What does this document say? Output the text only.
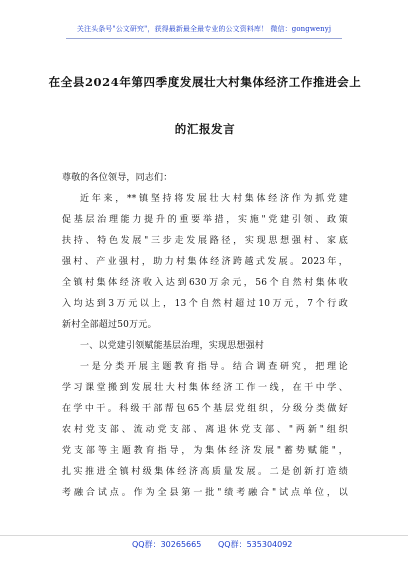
关注头条号"公文研究"，获得最新最全最专业的公文资料库！ 微信：gongwenyj
在全县2024年第四季度发展壮大村集体经济工作推进会上
的汇报发言
尊敬的各位领导，同志们：
近年来，**镇坚持将发展壮大村集体经济作为抓党建
促基层治理能力提升的重要举措，实施"党建引领、政策
扶持、特色发展"三步走发展路径，实现思想强村、家底
强村、产业强村，助力村集体经济跨越式发展。2023年，
全镇村集体经济收入达到630万余元，56个自然村集体收
入均达到3万元以上，13个自然村超过10万元，7个行政
新村全部超过50万元。
一、以党建引领赋能基层治理，实现思想强村
一是分类开展主题教育指导。结合调查研究，把理论
学习课堂搬到发展壮大村集体经济工作一线，在干中学、
在学中干。科级干部帮包65个基层党组织，分级分类做好
农村党支部、流动党支部、离退休党支部、"两新"组织
党支部等主题教育指导，为集体经济发展"蓄势赋能"，
扎实推进全镇村级集体经济高质量发展。二是创新打造绩
考融合试点。作为全县第一批"绩考融合"试点单位，以
QQ群：30265665 QQ群：535304092
